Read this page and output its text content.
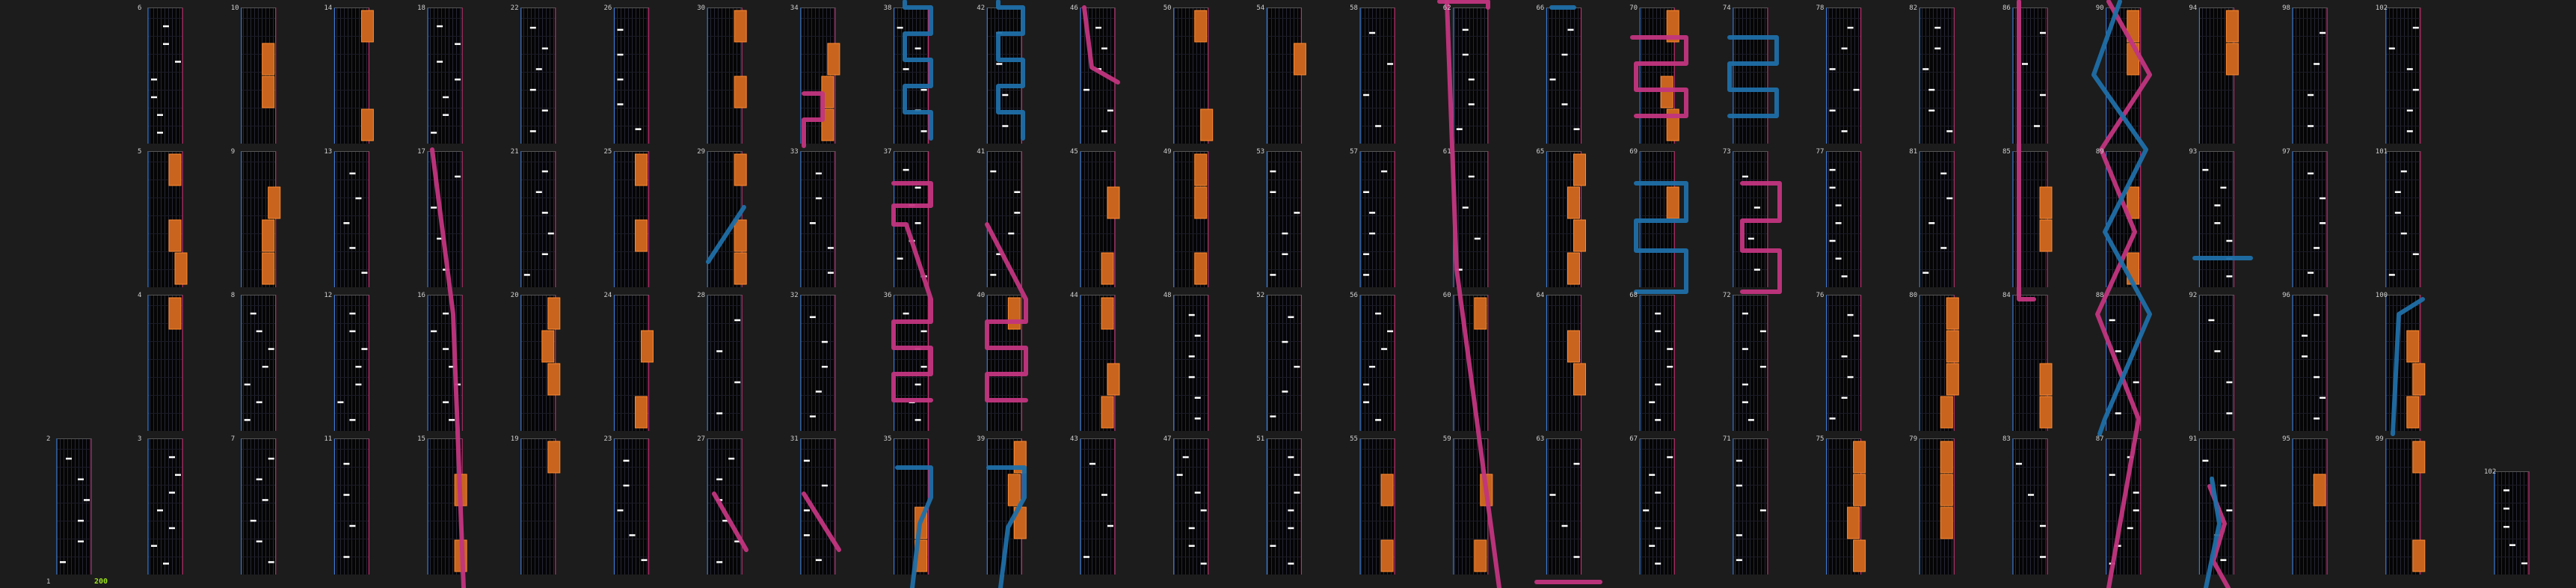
1	200
2	3
4
5
6
7
8
9
10
11
12
13
14
15
16
17
18
19
20
21
22
23
24
25
26
27
28
29
30
31
32
33
34
35
36
37
38
39
40
41
42
43
44
45
46
47
48
49
50
51
52
53
54
55
56
57
58
59
60
61
62
63
64
65
66
67
68
69
70
71
72
73
74
75
76
77
78
79
80
81
82
83
84
85
86
87
88
89
90
91
92
93
94
95
96
97
98
99
100
101
102
102
